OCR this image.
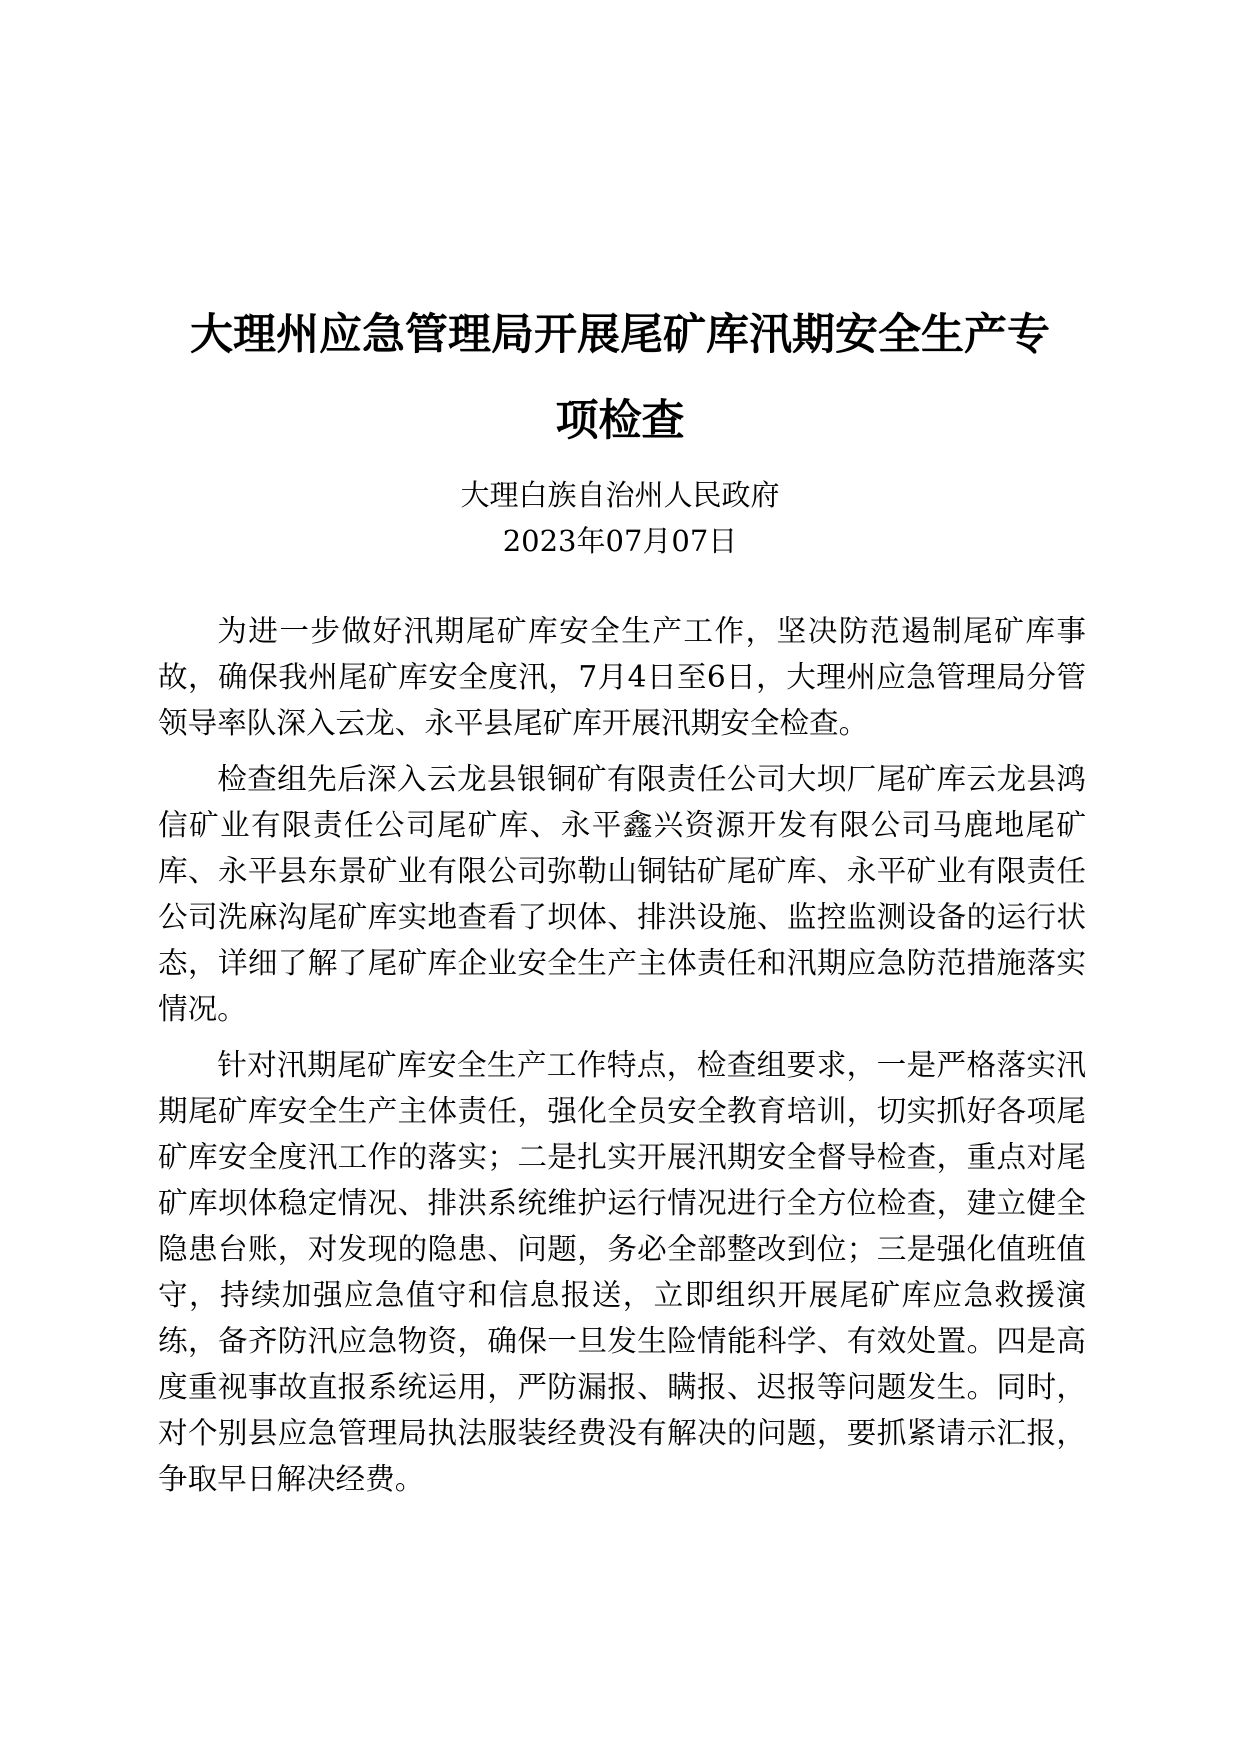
大理州应急管理局开展尾矿库汛期安全生产专
项检查
大理白族自治州人民政府
2023年07月07日

为进一步做好汛期尾矿库安全生产工作，坚决防范遏制尾矿库事故，确保我州尾矿库安全度汛，7月4日至6日，大理州应急管理局分管领导率队深入云龙、永平县尾矿库开展汛期安全检查。

检查组先后深入云龙县银铜矿有限责任公司大坝厂尾矿库云龙县鸿信矿业有限责任公司尾矿库、永平鑫兴资源开发有限公司马鹿地尾矿库、永平县东景矿业有限公司弥勒山铜钴矿尾矿库、永平矿业有限责任公司洗麻沟尾矿库实地查看了坝体、排洪设施、监控监测设备的运行状态，详细了解了尾矿库企业安全生产主体责任和汛期应急防范措施落实情况。

针对汛期尾矿库安全生产工作特点，检查组要求，一是严格落实汛期尾矿库安全生产主体责任，强化全员安全教育培训，切实抓好各项尾矿库安全度汛工作的落实；二是扎实开展汛期安全督导检查，重点对尾矿库坝体稳定情况、排洪系统维护运行情况进行全方位检查，建立健全隐患台账，对发现的隐患、问题，务必全部整改到位；三是强化值班值守，持续加强应急值守和信息报送，立即组织开展尾矿库应急救援演练，备齐防汛应急物资，确保一旦发生险情能科学、有效处置。四是高度重视事故直报系统运用，严防漏报、瞒报、迟报等问题发生。同时，对个别县应急管理局执法服装经费没有解决的问题，要抓紧请示汇报，争取早日解决经费。
